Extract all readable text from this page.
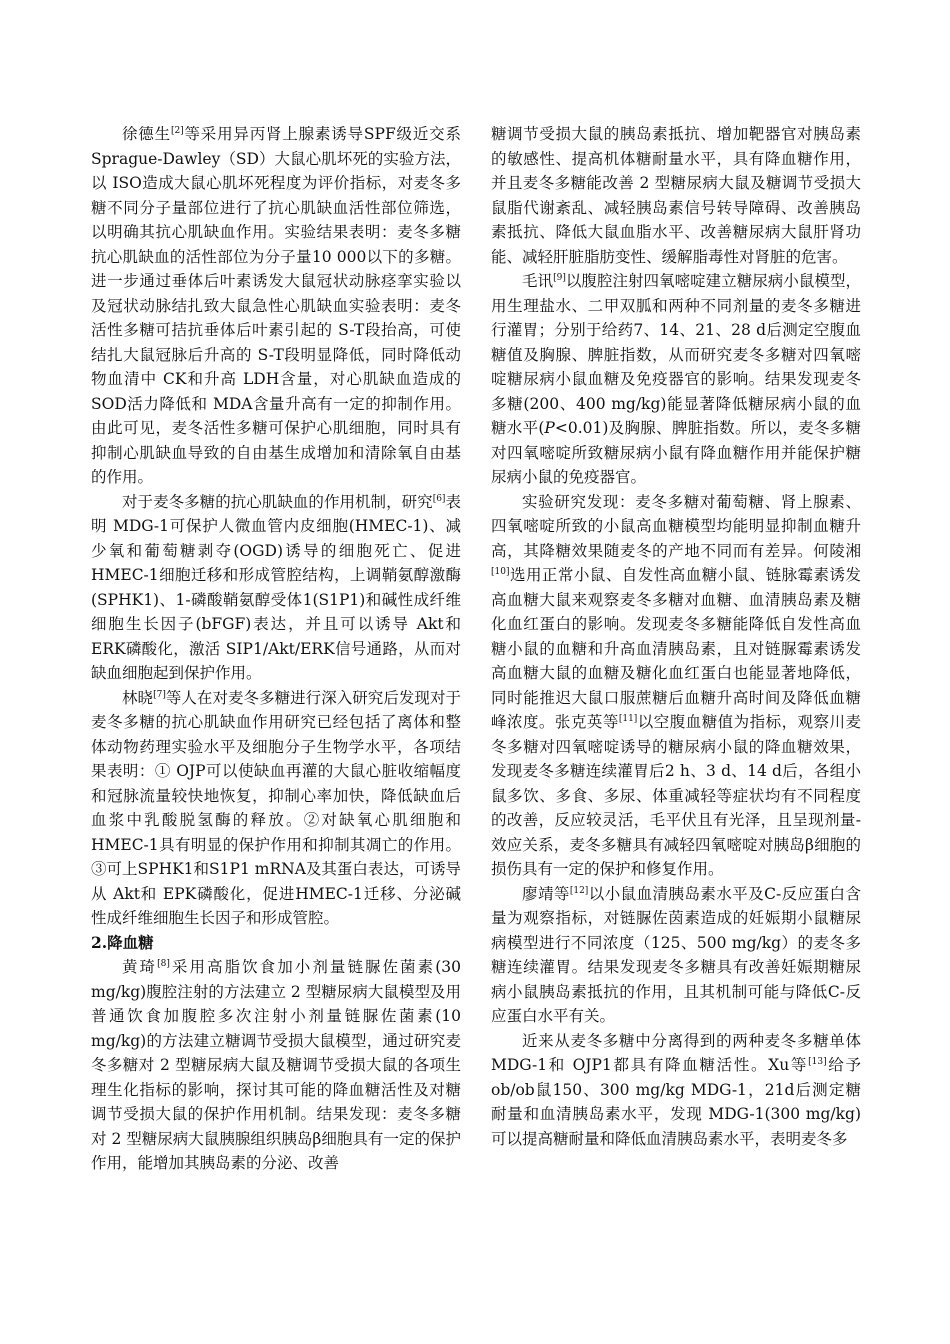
徐德生[2]等采用异丙肾上腺素诱导SPF级近交系Sprague-Dawley（SD）大鼠心肌坏死的实验方法，以 ISO造成大鼠心肌坏死程度为评价指标，对麦冬多糖不同分子量部位进行了抗心肌缺血活性部位筛选，以明确其抗心肌缺血作用。实验结果表明：麦冬多糖抗心肌缺血的活性部位为分子量10 000以下的多糖。进一步通过垂体后叶素诱发大鼠冠状动脉痉挛实验以及冠状动脉结扎致大鼠急性心肌缺血实验表明：麦冬活性多糖可拮抗垂体后叶素引起的 S-T段抬高，可使结扎大鼠冠脉后升高的 S-T段明显降低，同时降低动物血清中 CK和升高 LDH含量，对心肌缺血造成的 SOD活力降低和 MDA含量升高有一定的抑制作用。由此可见，麦冬活性多糖可保护心肌细胞，同时具有抑制心肌缺血导致的自由基生成增加和清除氧自由基的作用。

对于麦冬多糖的抗心肌缺血的作用机制，研究[6]表明 MDG-1可保护人微血管内皮细胞(HMEC-1)、减少氧和葡萄糖剥夺(OGD)诱导的细胞死亡、促进 HMEC-1细胞迁移和形成管腔结构，上调鞘氨醇激酶(SPHK1)、1-磷酸鞘氨醇受体1(S1P1)和碱性成纤维细胞生长因子(bFGF)表达，并且可以诱导 Akt和 ERK磷酸化，激活 SIP1/Akt/ERK信号通路，从而对缺血细胞起到保护作用。

林晓[7]等人在对麦冬多糖进行深入研究后发现对于麦冬多糖的抗心肌缺血作用研究已经包括了离体和整体动物药理实验水平及细胞分子生物学水平，各项结果表明：① OJP可以使缺血再灌的大鼠心脏收缩幅度和冠脉流量较快地恢复，抑制心率加快，降低缺血后血浆中乳酸脱氢酶的释放。②对缺氧心肌细胞和 HMEC-1具有明显的保护作用和抑制其凋亡的作用。③可上SPHK1和S1P1 mRNA及其蛋白表达，可诱导从 Akt和 EPK磷酸化，促进HMEC-1迁移、分泌碱性成纤维细胞生长因子和形成管腔。

2.降血糖

黄琦[8]采用高脂饮食加小剂量链脲佐菌素(30 mg/kg)腹腔注射的方法建立 2 型糖尿病大鼠模型及用普通饮食加腹腔多次注射小剂量链脲佐菌素(10 mg/kg)的方法建立糖调节受损大鼠模型，通过研究麦冬多糖对 2 型糖尿病大鼠及糖调节受损大鼠的各项生理生化指标的影响，探讨其可能的降血糖活性及对糖调节受损大鼠的保护作用机制。结果发现：麦冬多糖对 2 型糖尿病大鼠胰腺组织胰岛β细胞具有一定的保护作用，能增加其胰岛素的分泌、改善

糖调节受损大鼠的胰岛素抵抗、增加靶器官对胰岛素的敏感性、提高机体糖耐量水平，具有降血糖作用，并且麦冬多糖能改善 2 型糖尿病大鼠及糖调节受损大鼠脂代谢紊乱、减轻胰岛素信号转导障碍、改善胰岛素抵抗、降低大鼠血脂水平、改善糖尿病大鼠肝肾功能、减轻肝脏脂肪变性、缓解脂毒性对肾脏的危害。

毛讯[9]以腹腔注射四氧嘧啶建立糖尿病小鼠模型，用生理盐水、二甲双胍和两种不同剂量的麦冬多糖进行灌胃；分别于给药7、14、21、28 d后测定空腹血糖值及胸腺、脾脏指数，从而研究麦冬多糖对四氧嘧啶糖尿病小鼠血糖及免疫器官的影响。结果发现麦冬多糖(200、400 mg/kg)能显著降低糖尿病小鼠的血糖水平(P<0.01)及胸腺、脾脏指数。所以，麦冬多糖对四氧嘧啶所致糖尿病小鼠有降血糖作用并能保护糖尿病小鼠的免疫器官。

实验研究发现：麦冬多糖对葡萄糖、肾上腺素、四氧嘧啶所致的小鼠高血糖模型均能明显抑制血糖升高，其降糖效果随麦冬的产地不同而有差异。何陵湘[10]选用正常小鼠、自发性高血糖小鼠、链脉霉素诱发高血糖大鼠来观察麦冬多糖对血糖、血清胰岛素及糖化血红蛋白的影响。发现麦冬多糖能降低自发性高血糖小鼠的血糖和升高血清胰岛素，且对链脲霉素诱发高血糖大鼠的血糖及糖化血红蛋白也能显著地降低，同时能推迟大鼠口服蔗糖后血糖升高时间及降低血糖峰浓度。张克英等[11]以空腹血糖值为指标，观察川麦冬多糖对四氧嘧啶诱导的糖尿病小鼠的降血糖效果，发现麦冬多糖连续灌胃后2 h、3 d、14 d后，各组小鼠多饮、多食、多尿、体重减轻等症状均有不同程度的改善，反应较灵活，毛平伏且有光泽，且呈现剂量-效应关系，麦冬多糖具有减轻四氧嘧啶对胰岛β细胞的损伤具有一定的保护和修复作用。

廖靖等[12]以小鼠血清胰岛素水平及C-反应蛋白含量为观察指标，对链脲佐茵素造成的妊娠期小鼠糖尿病模型进行不同浓度（125、500 mg/kg）的麦冬多糖连续灌胃。结果发现麦冬多糖具有改善妊娠期糖尿病小鼠胰岛素抵抗的作用，且其机制可能与降低C-反应蛋白水平有关。

近来从麦冬多糖中分离得到的两种麦冬多糖单体 MDG-1和 OJP1都具有降血糖活性。Xu等[13]给予ob/ob鼠150、300 mg/kg MDG-1，21d后测定糖耐量和血清胰岛素水平，发现 MDG-1(300 mg/kg)可以提高糖耐量和降低血清胰岛素水平，表明麦冬多
